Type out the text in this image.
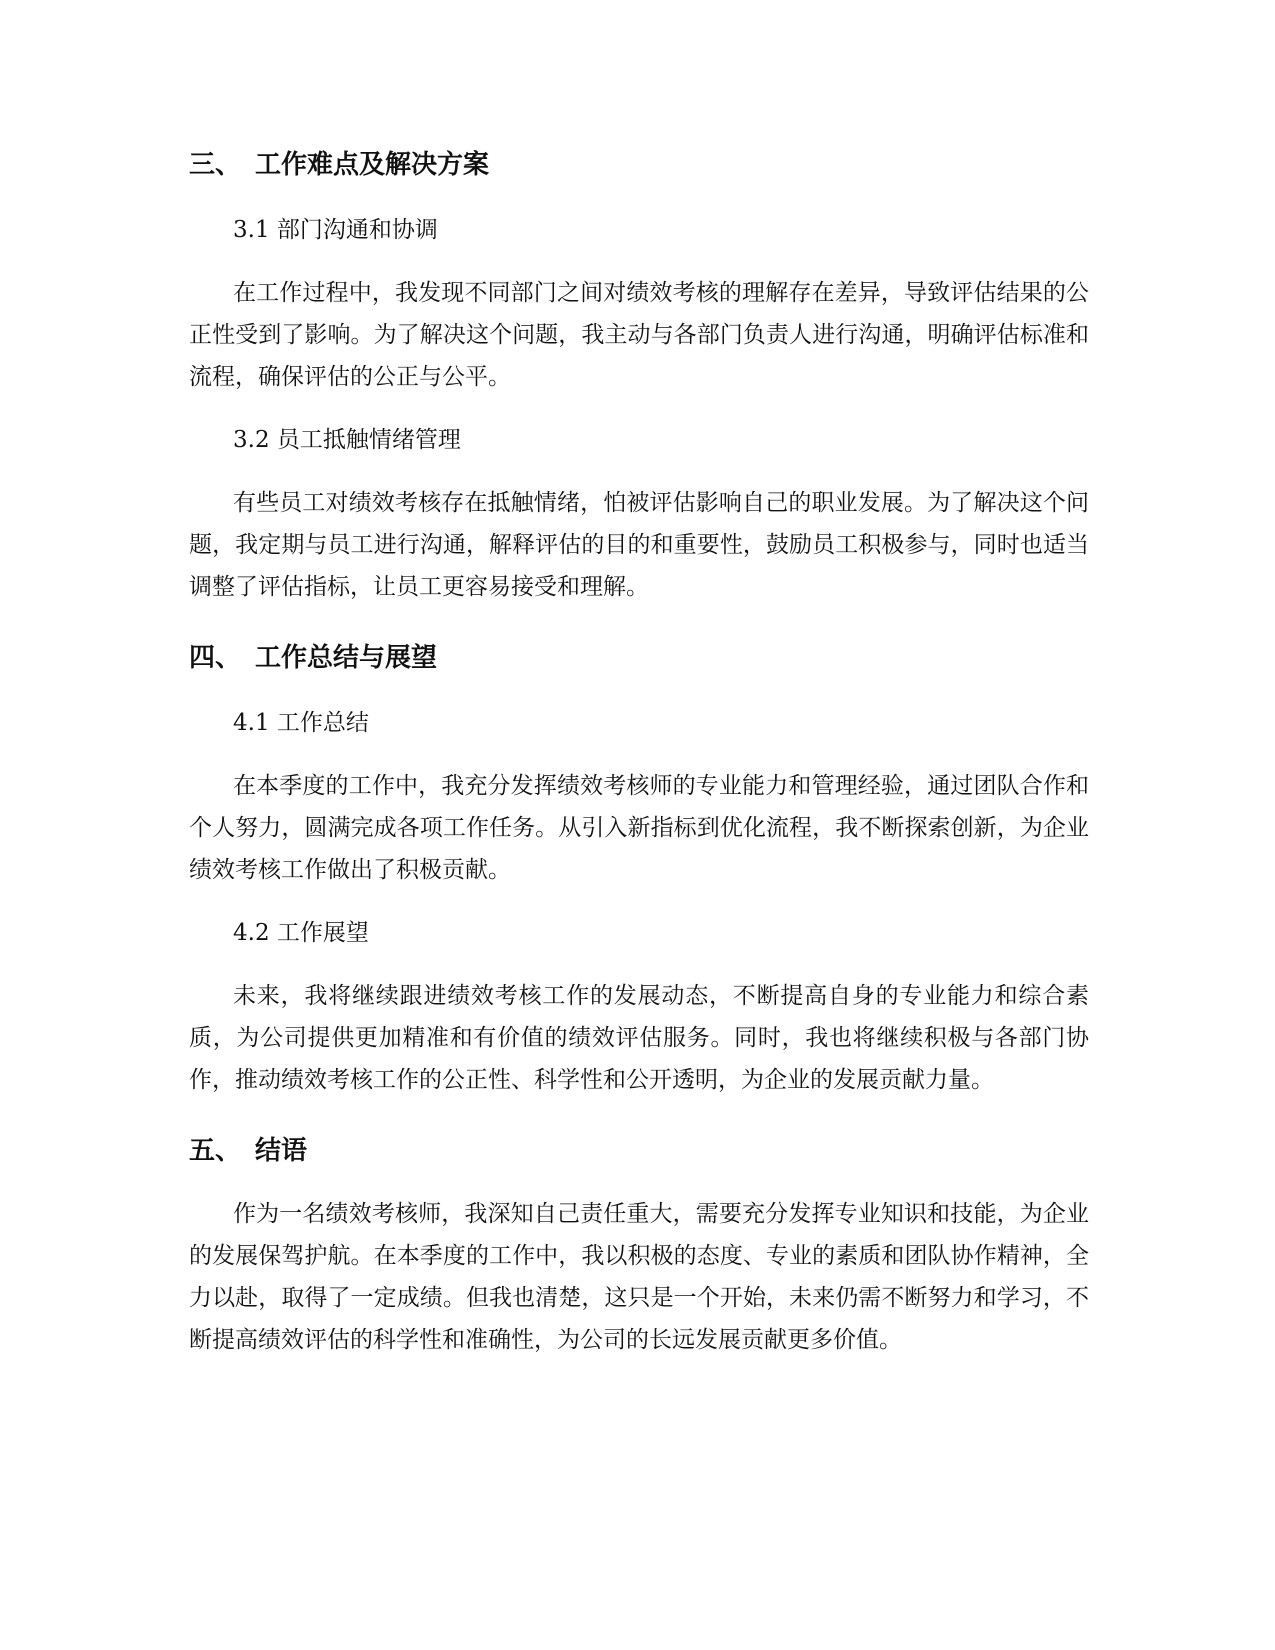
三、 工作难点及解决方案

3.1 部门沟通和协调

在工作过程中，我发现不同部门之间对绩效考核的理解存在差异，导致评估结果的公正性受到了影响。为了解决这个问题，我主动与各部门负责人进行沟通，明确评估标准和流程，确保评估的公正与公平。

3.2 员工抵触情绪管理

有些员工对绩效考核存在抵触情绪，怕被评估影响自己的职业发展。为了解决这个问题，我定期与员工进行沟通，解释评估的目的和重要性，鼓励员工积极参与，同时也适当调整了评估指标，让员工更容易接受和理解。

四、 工作总结与展望

4.1 工作总结

在本季度的工作中，我充分发挥绩效考核师的专业能力和管理经验，通过团队合作和个人努力，圆满完成各项工作任务。从引入新指标到优化流程，我不断探索创新，为企业绩效考核工作做出了积极贡献。

4.2 工作展望

未来，我将继续跟进绩效考核工作的发展动态，不断提高自身的专业能力和综合素质，为公司提供更加精准和有价值的绩效评估服务。同时，我也将继续积极与各部门协作，推动绩效考核工作的公正性、科学性和公开透明，为企业的发展贡献力量。

五、 结语

作为一名绩效考核师，我深知自己责任重大，需要充分发挥专业知识和技能，为企业的发展保驾护航。在本季度的工作中，我以积极的态度、专业的素质和团队协作精神，全力以赴，取得了一定成绩。但我也清楚，这只是一个开始，未来仍需不断努力和学习，不断提高绩效评估的科学性和准确性，为公司的长远发展贡献更多价值。
